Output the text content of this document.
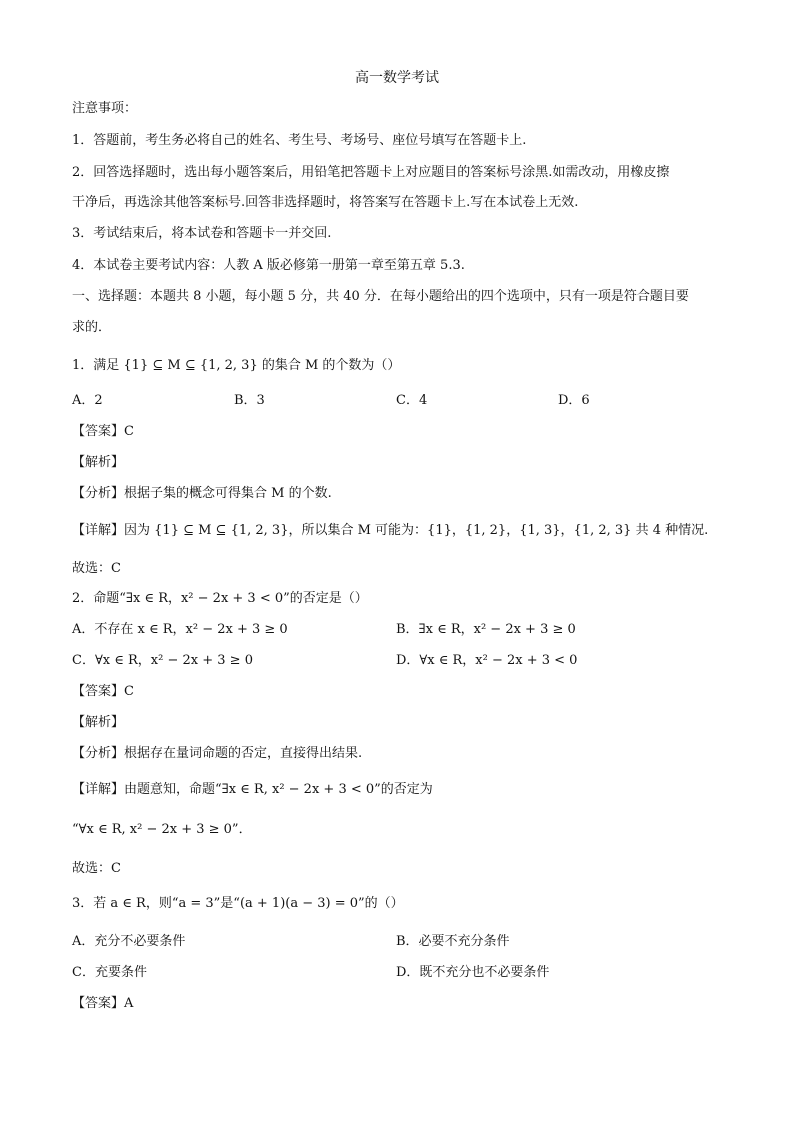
高一数学考试
注意事项：
1．答题前，考生务必将自己的姓名、考生号、考场号、座位号填写在答题卡上.
2．回答选择题时，选出每小题答案后，用铅笔把答题卡上对应题目的答案标号涂黑.如需改动，用橡皮擦
干净后，再选涂其他答案标号.回答非选择题时，将答案写在答题卡上.写在本试卷上无效.
3．考试结束后，将本试卷和答题卡一并交回.
4．本试卷主要考试内容：人教 A 版必修第一册第一章至第五章 5.3.
一、选择题：本题共 8 小题，每小题 5 分，共 40 分．在每小题给出的四个选项中，只有一项是符合题目要
求的．
1．满足 {1} ⊆ M ⊆ {1, 2, 3} 的集合 M 的个数为（）
A．2	B．3	C．4	D．6
【答案】C
【解析】
【分析】根据子集的概念可得集合 M 的个数.
【详解】因为 {1} ⊆ M ⊆ {1, 2, 3}，所以集合 M 可能为：{1}，{1, 2}，{1, 3}，{1, 2, 3} 共 4 种情况.
故选：C
2．命题“∃x ∈ R，x² − 2x + 3 < 0”的否定是（）
A．不存在 x ∈ R，x² − 2x + 3 ≥ 0	B．∃x ∈ R，x² − 2x + 3 ≥ 0
C．∀x ∈ R，x² − 2x + 3 ≥ 0	D．∀x ∈ R，x² − 2x + 3 < 0
【答案】C
【解析】
【分析】根据存在量词命题的否定，直接得出结果.
【详解】由题意知，命题“∃x ∈ R, x² − 2x + 3 < 0”的否定为
“∀x ∈ R, x² − 2x + 3 ≥ 0”．
故选：C
3．若 a ∈ R，则“a = 3”是“(a + 1)(a − 3) = 0”的（）
A．充分不必要条件	B．必要不充分条件
C．充要条件	D．既不充分也不必要条件
【答案】A
